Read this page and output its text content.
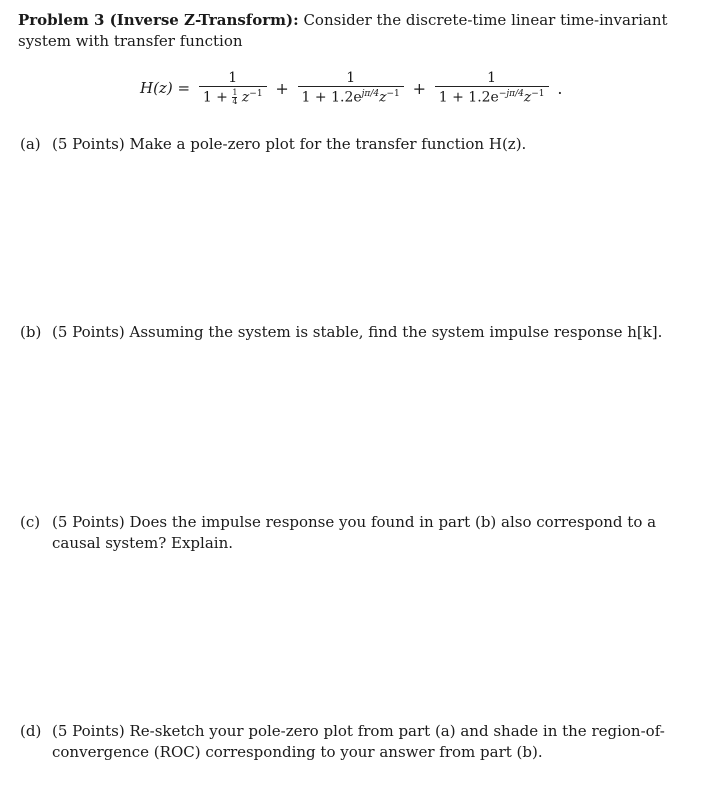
Problem 3 (Inverse Z-Transform): Consider the discrete-time linear time-invariant
system with transfer function
$H(z) = \frac{1}{1 + \frac{1}{4} z^{-1}} + \frac{1}{1 + 1.2e^{j\pi/4}z^{-1}} + \frac{1}{1 + 1.2e^{-j\pi/4}z^{-1}}$ .
(a) (5 Points) Make a pole-zero plot for the transfer function H(z).
(b) (5 Points) Assuming the system is stable, find the system impulse response h[k].
(c) (5 Points) Does the impulse response you found in part (b) also correspond to a
causal system? Explain.
(d) (5 Points) Re-sketch your pole-zero plot from part (a) and shade in the region-of-
convergence (ROC) corresponding to your answer from part (b).
